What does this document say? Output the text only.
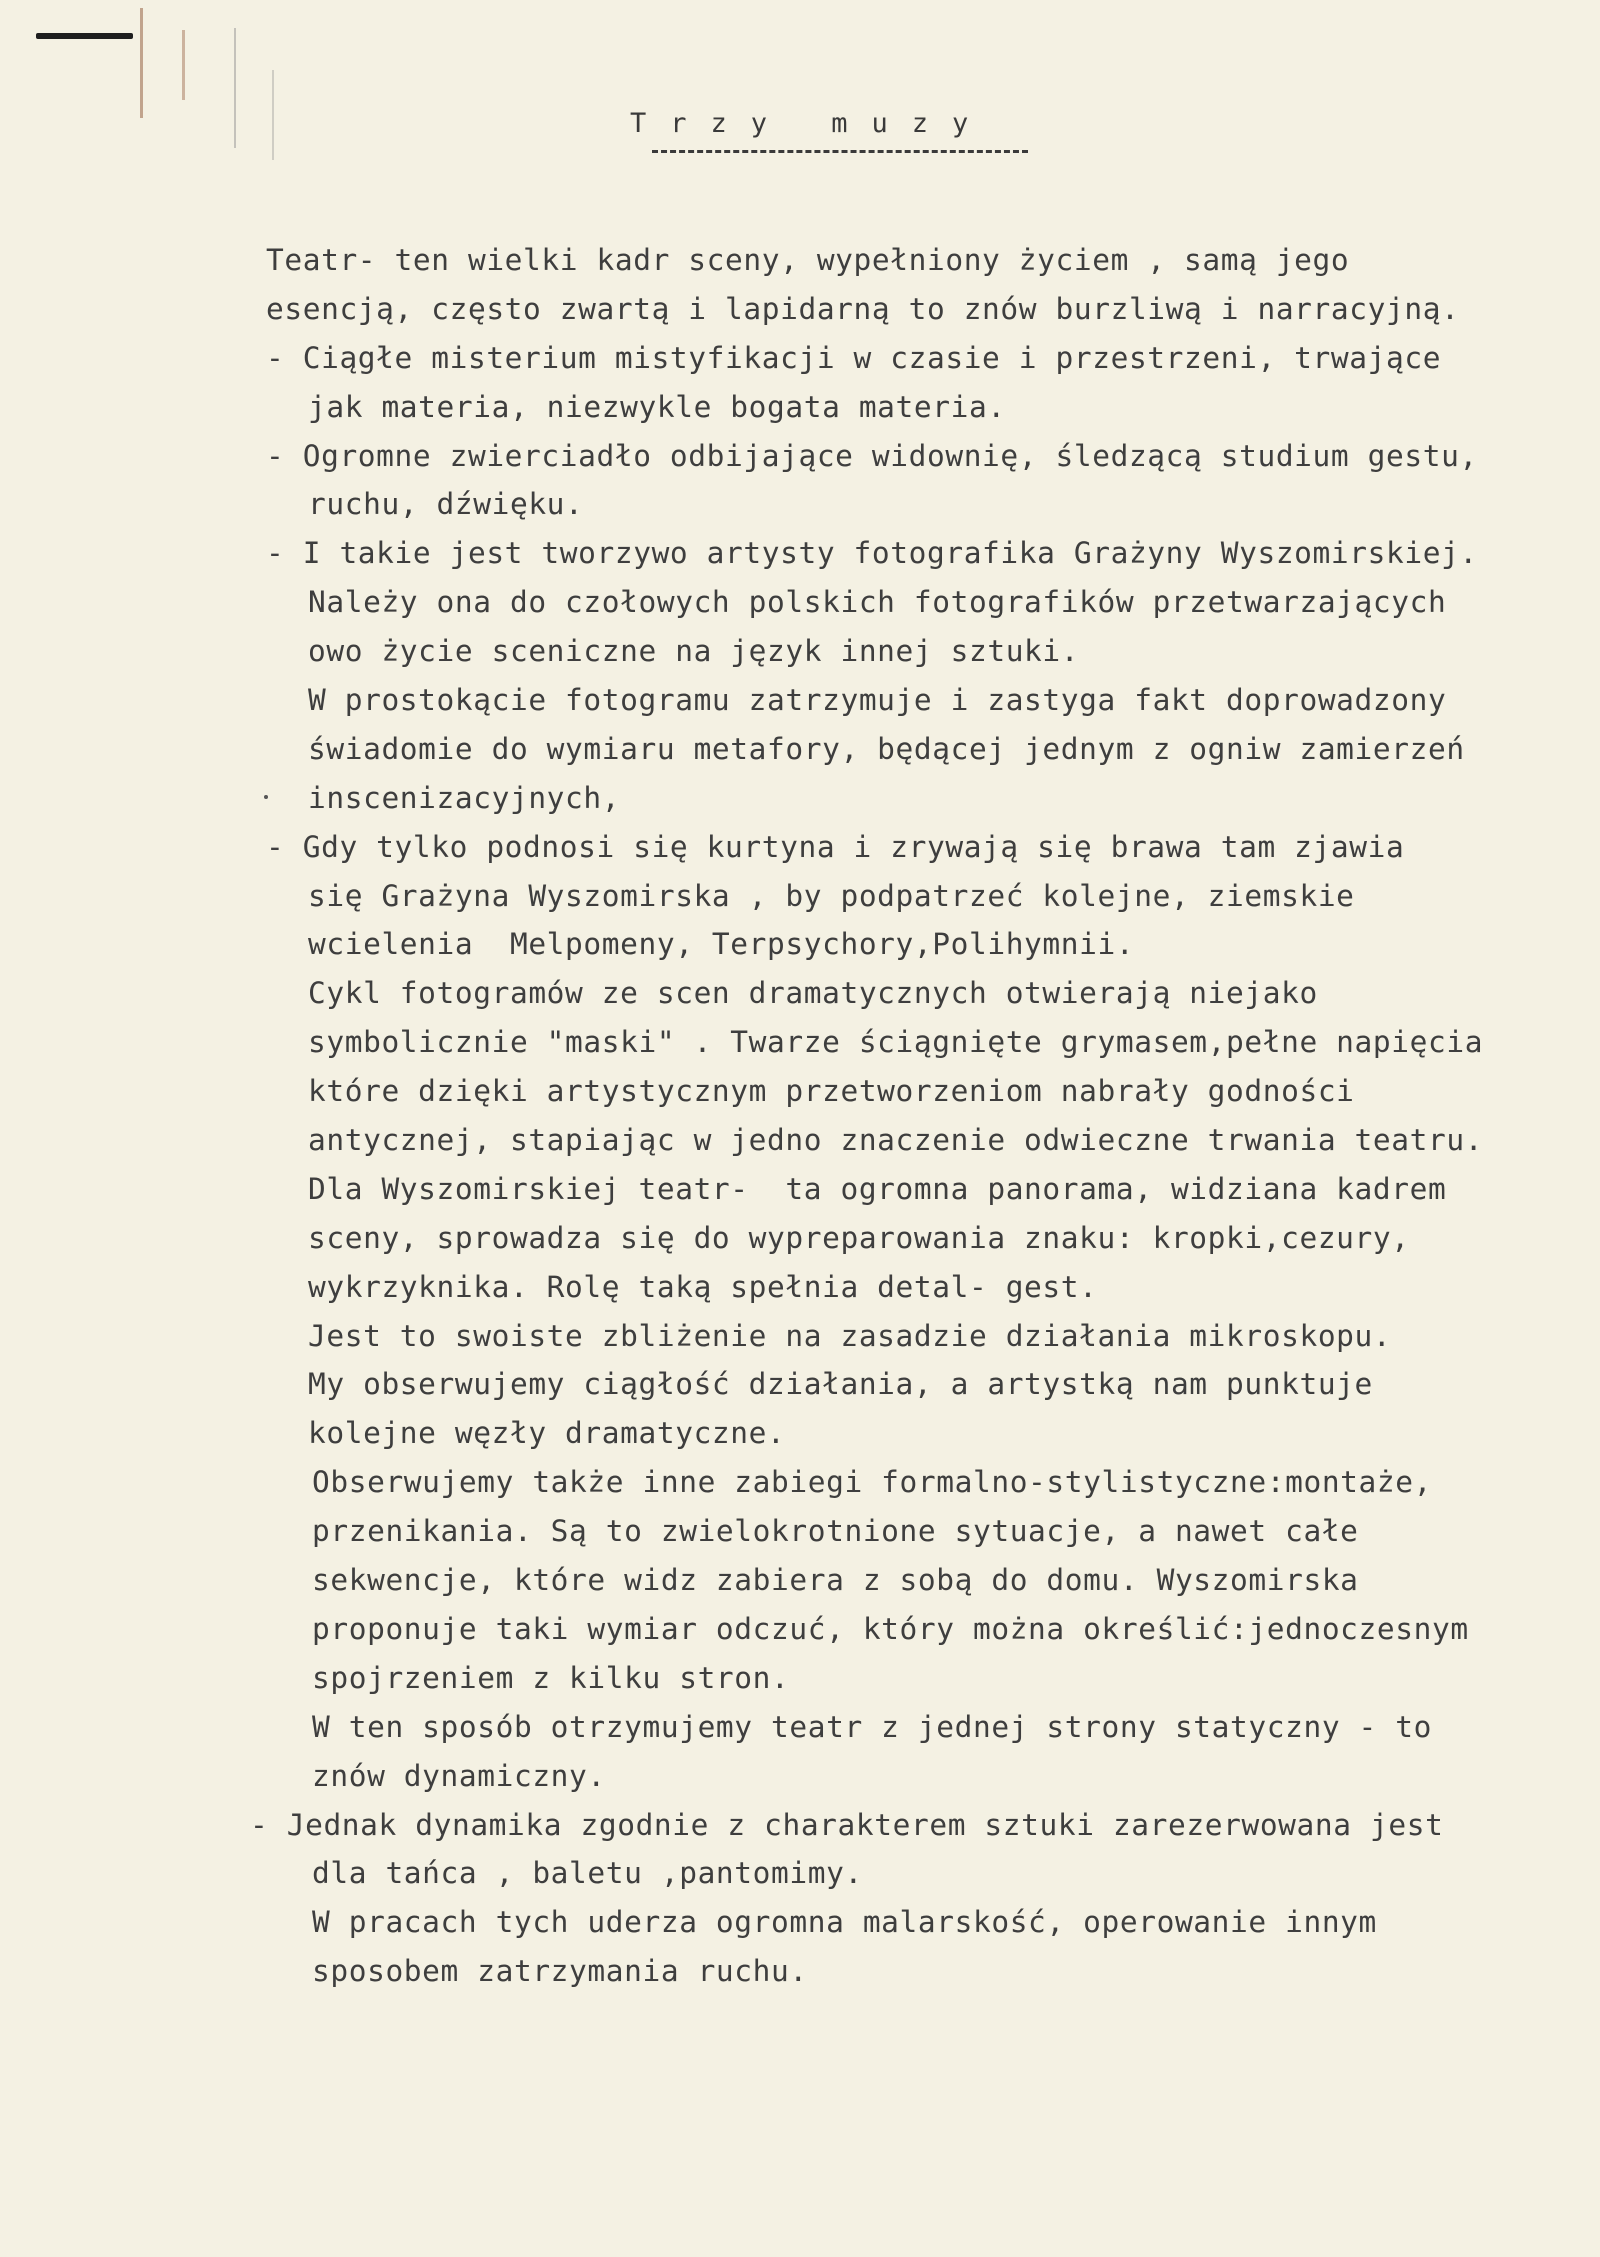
Trzy muzy
Teatr- ten wielki kadr sceny, wypełniony życiem , samą jego
esencją, często zwartą i lapidarną to znów burzliwą i narracyjną.
- Ciągłe misterium mistyfikacji w czasie i przestrzeni, trwające
jak materia, niezwykle bogata materia.
- Ogromne zwierciadło odbijające widownię, śledzącą studium gestu,
ruchu, dźwięku.
- I takie jest tworzywo artysty fotografika Grażyny Wyszomirskiej.
Należy ona do czołowych polskich fotografików przetwarzających
owo życie sceniczne na język innej sztuki.
W prostokącie fotogramu zatrzymuje i zastyga fakt doprowadzony
świadomie do wymiaru metafory, będącej jednym z ogniw zamierzeń
inscenizacyjnych,
- Gdy tylko podnosi się kurtyna i zrywają się brawa tam zjawia
się Grażyna Wyszomirska , by podpatrzeć kolejne, ziemskie
wcielenia  Melpomeny, Terpsychory,Polihymnii.
Cykl fotogramów ze scen dramatycznych otwierają niejako
symbolicznie "maski" . Twarze ściągnięte grymasem,pełne napięcia
które dzięki artystycznym przetworzeniom nabrały godności
antycznej, stapiając w jedno znaczenie odwieczne trwania teatru.
Dla Wyszomirskiej teatr-  ta ogromna panorama, widziana kadrem
sceny, sprowadza się do wypreparowania znaku: kropki,cezury,
wykrzyknika. Rolę taką spełnia detal- gest.
Jest to swoiste zbliżenie na zasadzie działania mikroskopu.
My obserwujemy ciągłość działania, a artystką nam punktuje
kolejne węzły dramatyczne.
Obserwujemy także inne zabiegi formalno-stylistyczne:montaże,
przenikania. Są to zwielokrotnione sytuacje, a nawet całe
sekwencje, które widz zabiera z sobą do domu. Wyszomirska
proponuje taki wymiar odczuć, który można określić:jednoczesnym
spojrzeniem z kilku stron.
W ten sposób otrzymujemy teatr z jednej strony statyczny - to
znów dynamiczny.
- Jednak dynamika zgodnie z charakterem sztuki zarezerwowana jest
dla tańca , baletu ,pantomimy.
W pracach tych uderza ogromna malarskość, operowanie innym
sposobem zatrzymania ruchu.
